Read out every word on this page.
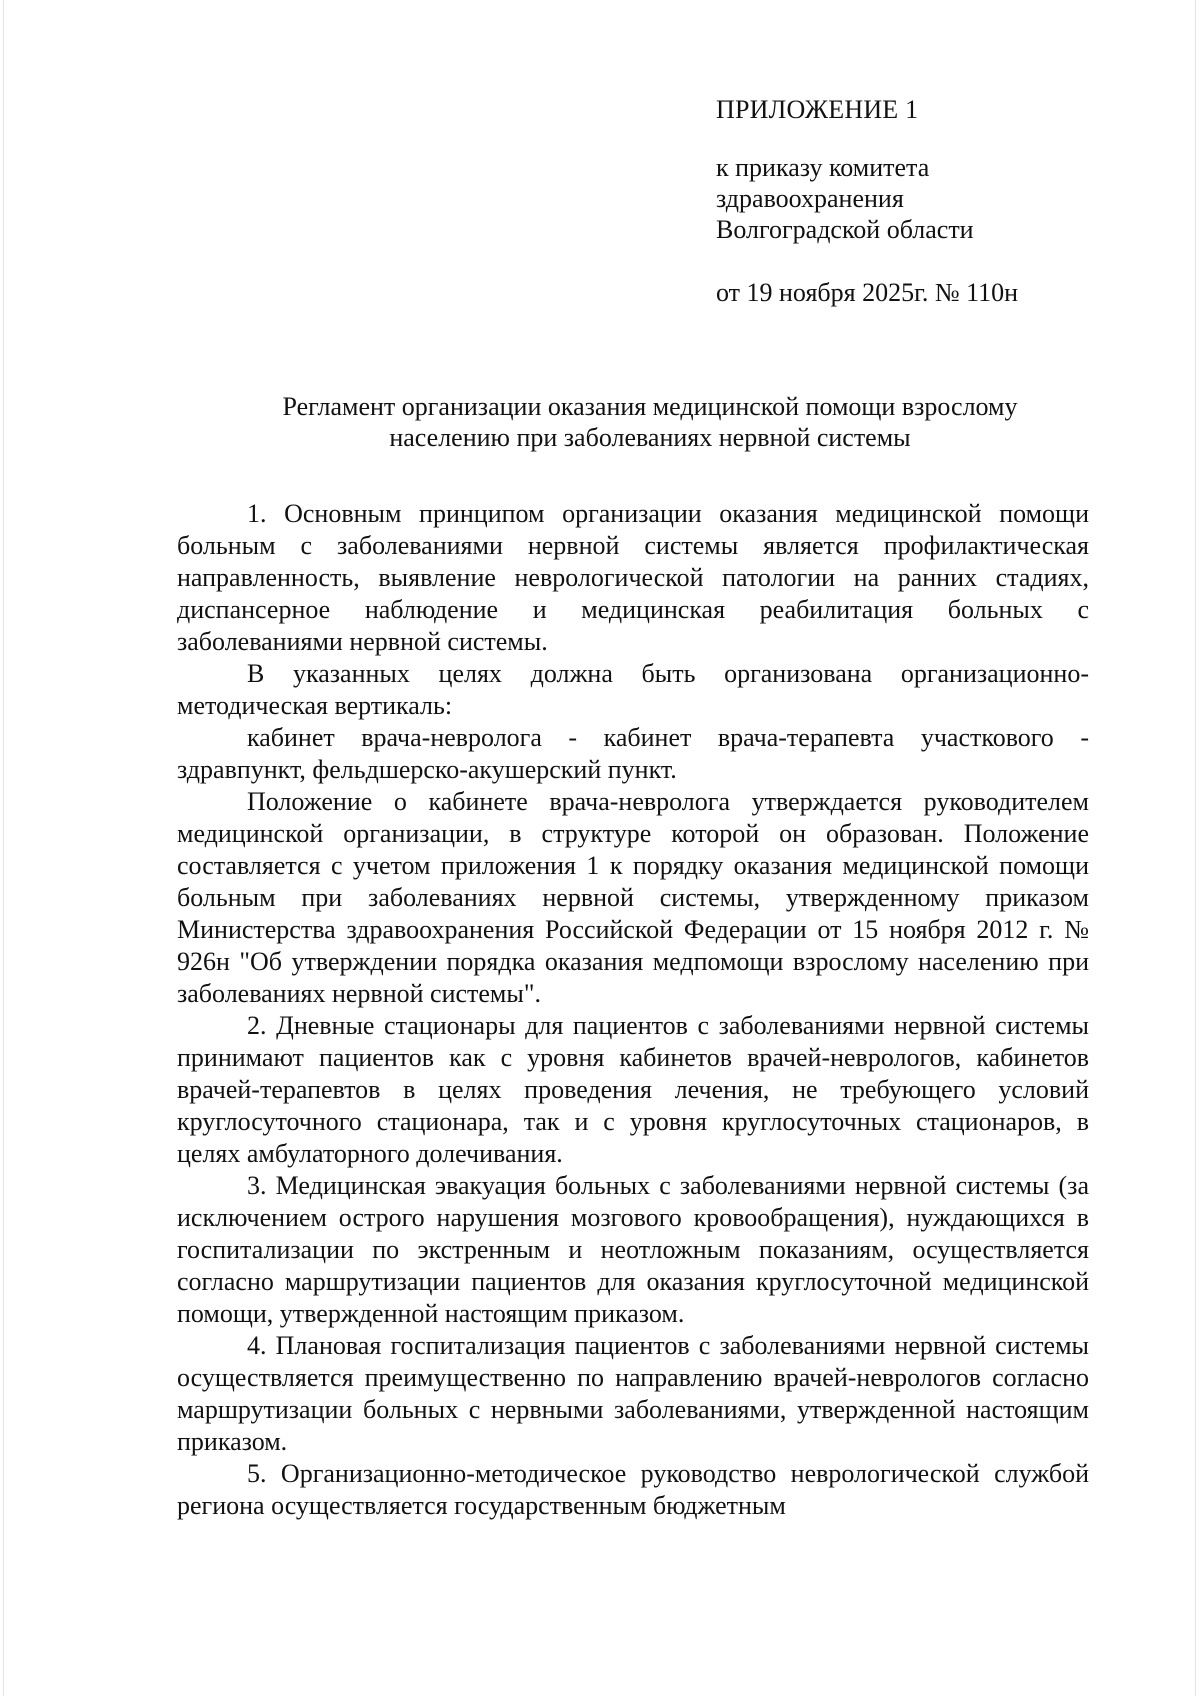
ПРИЛОЖЕНИЕ 1

к приказу комитета
здравоохранения
Волгоградской области

от 19 ноября 2025г. № 110н

Регламент организации оказания медицинской помощи взрослому
населению при заболеваниях нервной системы

1. Основным принципом организации оказания медицинской помощи больным с заболеваниями нервной системы является профилактическая направленность, выявление неврологической патологии на ранних стадиях, диспансерное наблюдение и медицинская реабилитация больных с заболеваниями нервной системы.

В указанных целях должна быть организована организационно-методическая вертикаль:

кабинет врача-невролога - кабинет врача-терапевта участкового - здравпункт, фельдшерско-акушерский пункт.

Положение о кабинете врача-невролога утверждается руководителем медицинской организации, в структуре которой он образован. Положение составляется с учетом приложения 1 к порядку оказания медицинской помощи больным при заболеваниях нервной системы, утвержденному приказом Министерства здравоохранения Российской Федерации от 15 ноября 2012 г. № 926н "Об утверждении порядка оказания медпомощи взрослому населению при заболеваниях нервной системы".

2. Дневные стационары для пациентов с заболеваниями нервной системы принимают пациентов как с уровня кабинетов врачей-неврологов, кабинетов врачей-терапевтов в целях проведения лечения, не требующего условий круглосуточного стационара, так и с уровня круглосуточных стационаров, в целях амбулаторного долечивания.

3. Медицинская эвакуация больных с заболеваниями нервной системы (за исключением острого нарушения мозгового кровообращения), нуждающихся в госпитализации по экстренным и неотложным показаниям, осуществляется согласно маршрутизации пациентов для оказания круглосуточной медицинской помощи, утвержденной настоящим приказом.

4. Плановая госпитализация пациентов с заболеваниями нервной системы осуществляется преимущественно по направлению врачей-неврологов согласно маршрутизации больных с нервными заболеваниями, утвержденной настоящим приказом.

5. Организационно-методическое руководство неврологической службой региона осуществляется государственным бюджетным
